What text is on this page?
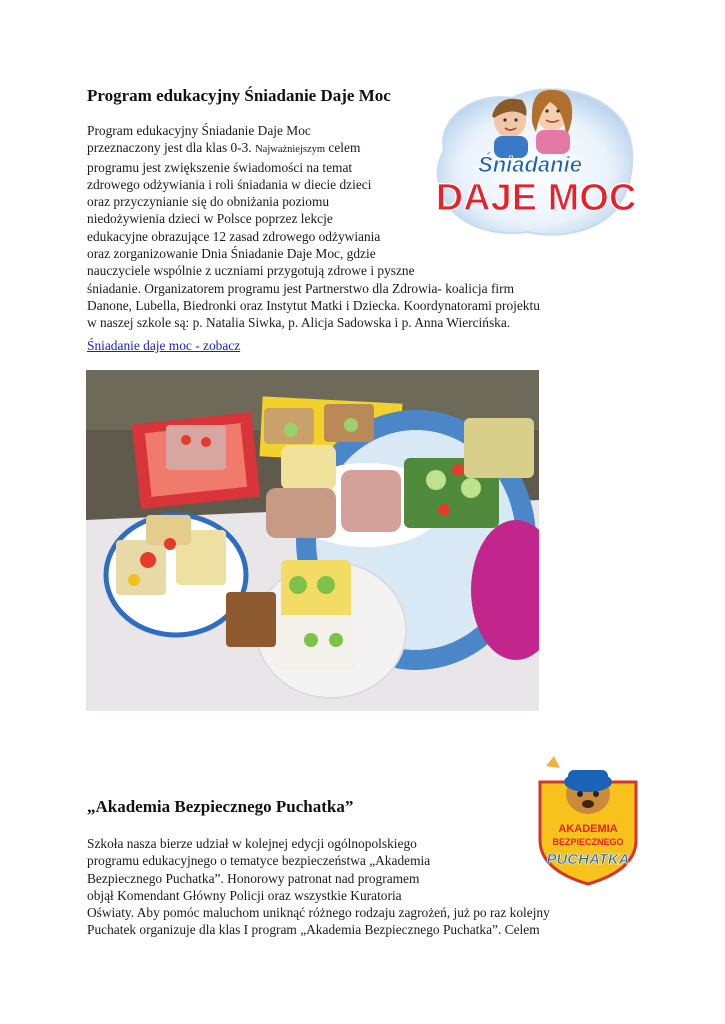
Program edukacyjny Śniadanie Daje Moc
Śniadanie
DAJE MOC

Program edukacyjny Śniadanie Daje Moc
przeznaczony jest dla klas 0-3. Najważniejszym celem
programu jest zwiększenie świadomości na temat
zdrowego odżywiania i roli śniadania w diecie dzieci
oraz przyczynianie się do obniżania poziomu
niedożywienia dzieci w Polsce poprzez lekcje
edukacyjne obrazujące 12 zasad zdrowego odżywiania
oraz zorganizowanie Dnia Śniadanie Daje Moc, gdzie
nauczyciele wspólnie z uczniami przygotują zdrowe i pyszne
śniadanie. Organizatorem programu jest Partnerstwo dla Zdrowia- koalicja firm
Danone, Lubella, Biedronki oraz Instytut Matki i Dziecka. Koordynatorami projektu
w naszej szkole są: p. Natalia Siwka, p. Alicja Sadowska i p. Anna Wiercińska.

Śniadanie daje moc - zobacz
AKADEMIA
BEZPIECZNEGO
PUCHATKA
„Akademia Bezpiecznego Puchatka”

Szkoła nasza bierze udział w kolejnej edycji ogólnopolskiego
programu edukacyjnego o tematyce bezpieczeństwa „Akademia
Bezpiecznego Puchatka”. Honorowy patronat nad programem
objął Komendant Główny Policji oraz wszystkie Kuratoria
Oświaty. Aby pomóc maluchom uniknąć różnego rodzaju zagrożeń, już po raz kolejny
Puchatek organizuje dla klas I program „Akademia Bezpiecznego Puchatka”. Celem
